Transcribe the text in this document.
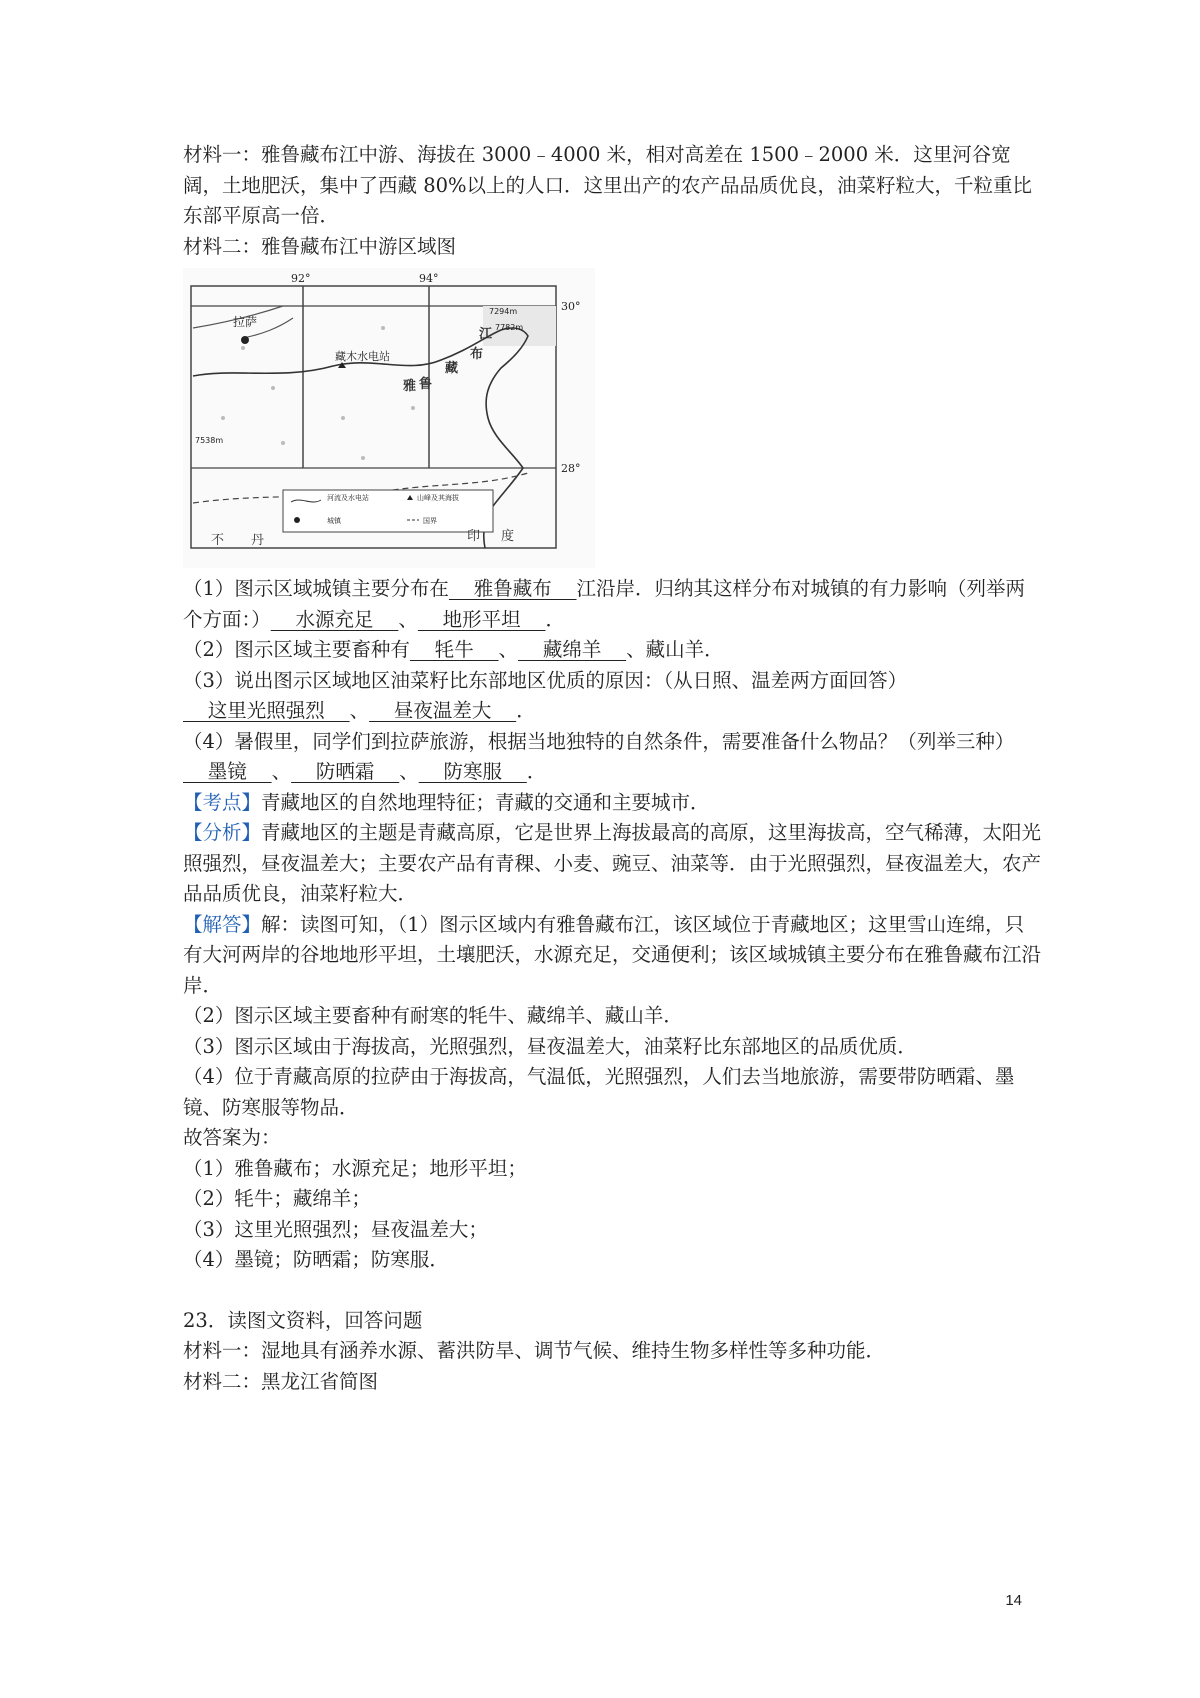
材料一：雅鲁藏布江中游、海拔在 3000﹣4000 米，相对高差在 1500﹣2000 米．这里河谷宽阔，土地肥沃，集中了西藏 80%以上的人口．这里出产的农产品品质优良，油菜籽粒大，千粒重比东部平原高一倍．

材料二：雅鲁藏布江中游区域图

拉萨
藏木水电站
雅 鲁
藏
布
江
7294m
7782m
7538m
92°	94°
30°
28°
河流及水电站	山峰及其海拔
城镇	国界
不 丹	印 度

（1）图示区域城镇主要分布在    雅鲁藏布    江沿岸．归纳其这样分布对城镇的有力影响（列举两个方面：）    水源充足    、    地形平坦    ．

（2）图示区域主要畜种有    牦牛    、    藏绵羊    、藏山羊．

（3）说出图示区域地区油菜籽比东部地区优质的原因：（从日照、温差两方面回答）
这里光照强烈    、    昼夜温差大    ．

（4）暑假里，同学们到拉萨旅游，根据当地独特的自然条件，需要准备什么物品？（列举三种）
墨镜    、    防晒霜    、    防寒服    ．

【考点】青藏地区的自然地理特征；青藏的交通和主要城市．

【分析】青藏地区的主题是青藏高原，它是世界上海拔最高的高原，这里海拔高，空气稀薄，太阳光照强烈，昼夜温差大；主要农产品有青稞、小麦、豌豆、油菜等．由于光照强烈，昼夜温差大，农产品品质优良，油菜籽粒大．

【解答】解：读图可知，（1）图示区域内有雅鲁藏布江，该区域位于青藏地区；这里雪山连绵，只有大河两岸的谷地地形平坦，土壤肥沃，水源充足，交通便利；该区域城镇主要分布在雅鲁藏布江沿岸．

（2）图示区域主要畜种有耐寒的牦牛、藏绵羊、藏山羊．

（3）图示区域由于海拔高，光照强烈，昼夜温差大，油菜籽比东部地区的品质优质．

（4）位于青藏高原的拉萨由于海拔高，气温低，光照强烈，人们去当地旅游，需要带防晒霜、墨镜、防寒服等物品．

故答案为：

（1）雅鲁藏布；水源充足；地形平坦；

（2）牦牛；藏绵羊；

（3）这里光照强烈；昼夜温差大；

（4）墨镜；防晒霜；防寒服．

23．读图文资料，回答问题

材料一：湿地具有涵养水源、蓄洪防旱、调节气候、维持生物多样性等多种功能．

材料二：黑龙江省简图

14
